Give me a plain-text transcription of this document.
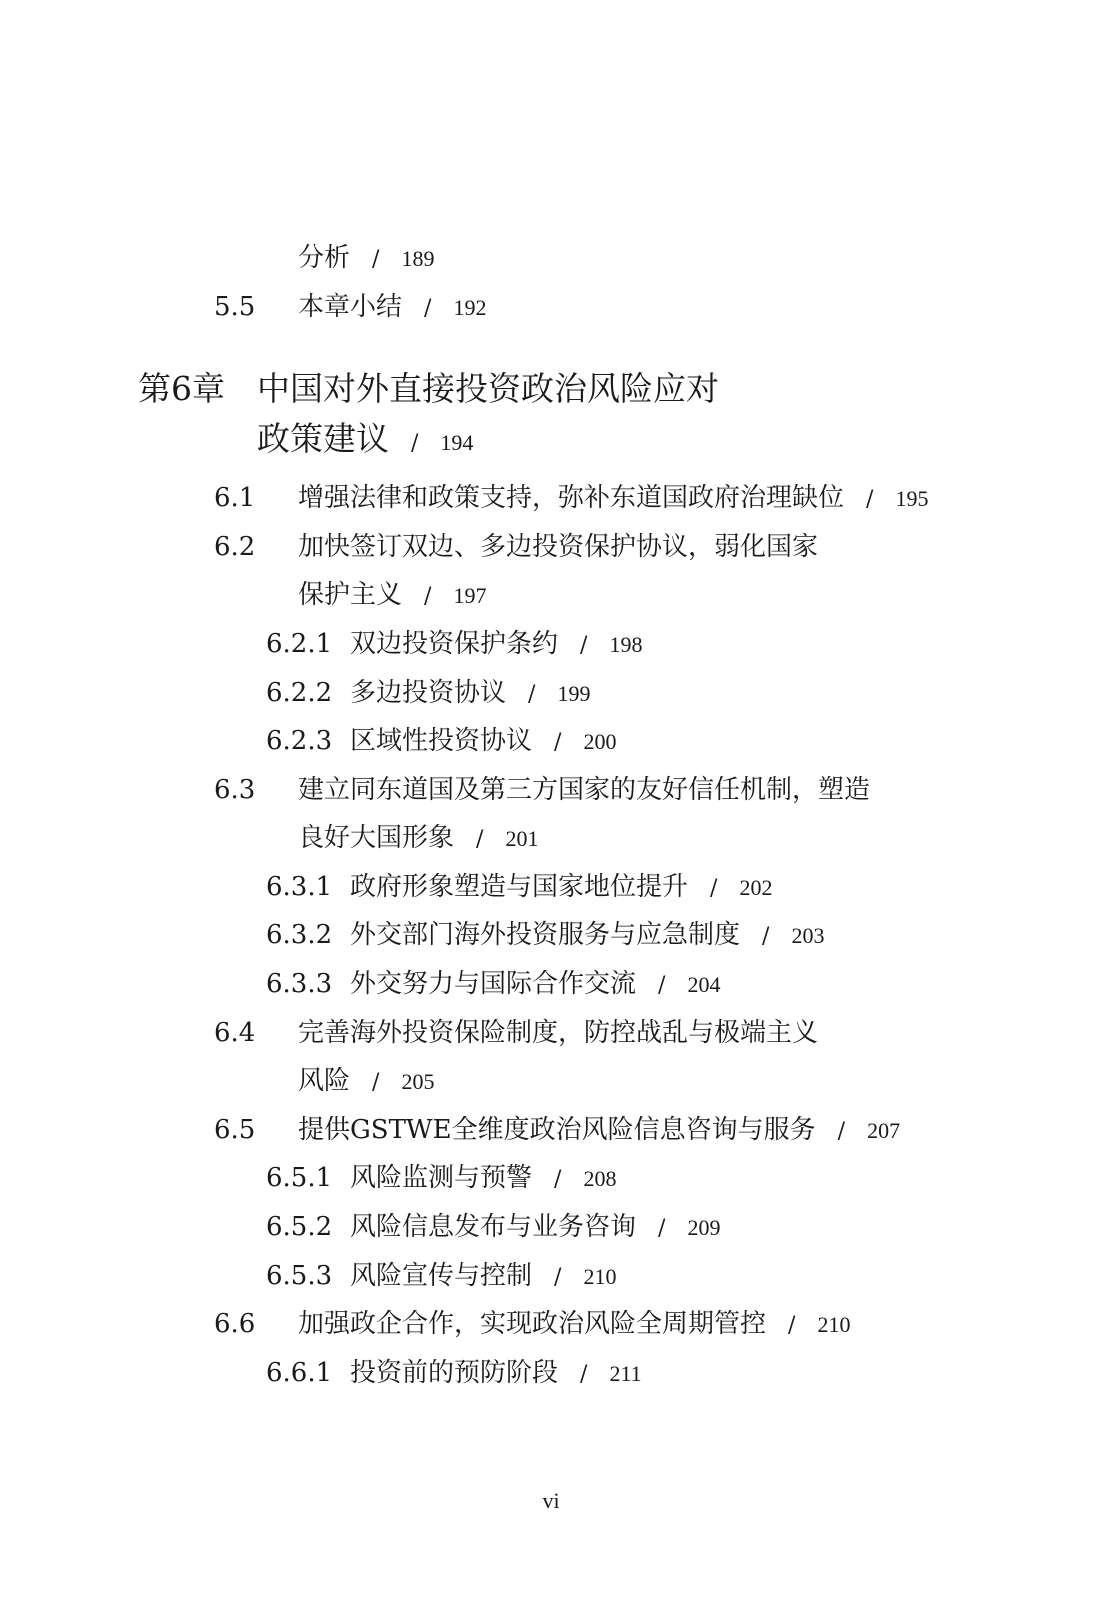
分析 / 189
5.5 本章小结 / 192
第6章 中国对外直接投资政治风险应对
政策建议 / 194
6.1 增强法律和政策支持，弥补东道国政府治理缺位 / 195
6.2 加快签订双边、多边投资保护协议，弱化国家
保护主义 / 197
6.2.1 双边投资保护条约 / 198
6.2.2 多边投资协议 / 199
6.2.3 区域性投资协议 / 200
6.3 建立同东道国及第三方国家的友好信任机制，塑造
良好大国形象 / 201
6.3.1 政府形象塑造与国家地位提升 / 202
6.3.2 外交部门海外投资服务与应急制度 / 203
6.3.3 外交努力与国际合作交流 / 204
6.4 完善海外投资保险制度，防控战乱与极端主义
风险 / 205
6.5 提供GSTWE全维度政治风险信息咨询与服务 / 207
6.5.1 风险监测与预警 / 208
6.5.2 风险信息发布与业务咨询 / 209
6.5.3 风险宣传与控制 / 210
6.6 加强政企合作，实现政治风险全周期管控 / 210
6.6.1 投资前的预防阶段 / 211
vi
